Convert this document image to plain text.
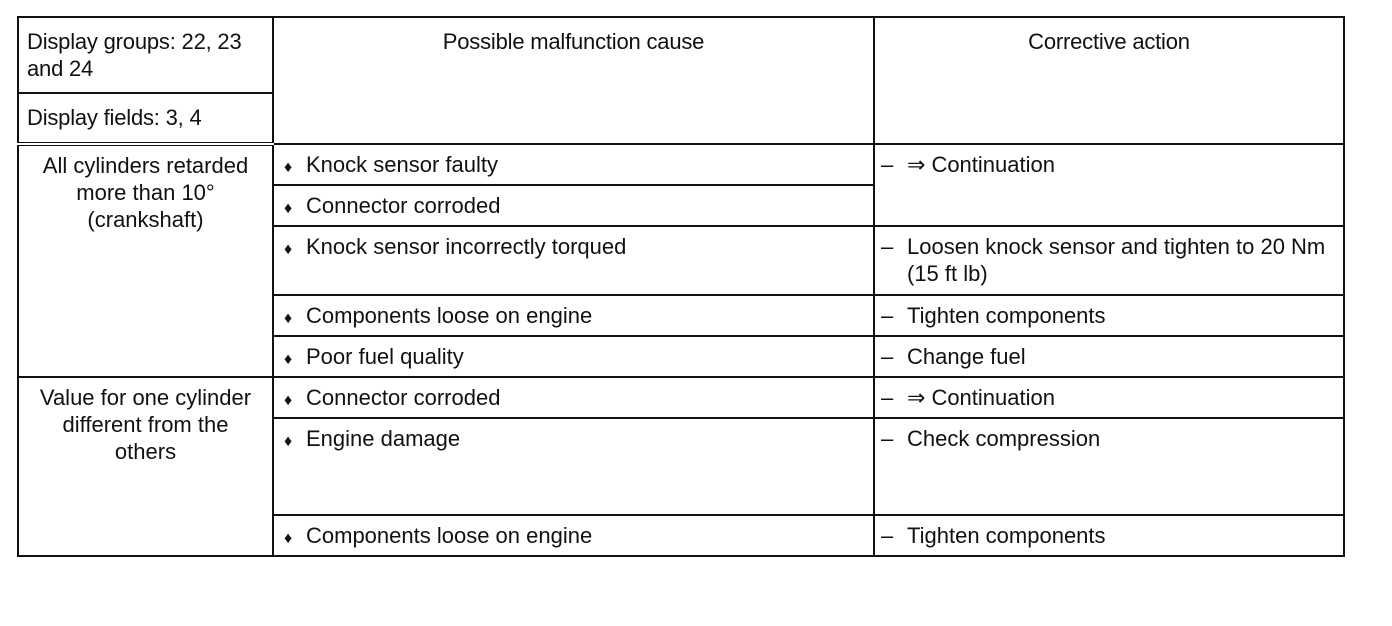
Display groups: 22, 23 and 24	Possible malfunction cause	Corrective action
Display fields: 3, 4		
All cylinders retarded more than 10° (crankshaft)	♦ Knock sensor faulty	– ⇒ Continuation

	♦ Connector corroded	
	♦ Knock sensor incorrectly torqued	– Loosen knock sensor and tighten to 20 Nm (15 ft lb)

	♦ Components loose on engine	– Tighten components

	♦ Poor fuel quality	– Change fuel

Value for one cylinder different from the others	♦ Connector corroded	– ⇒ Continuation

	♦ Engine damage	– Check compression

	♦ Components loose on engine	– Tighten components
